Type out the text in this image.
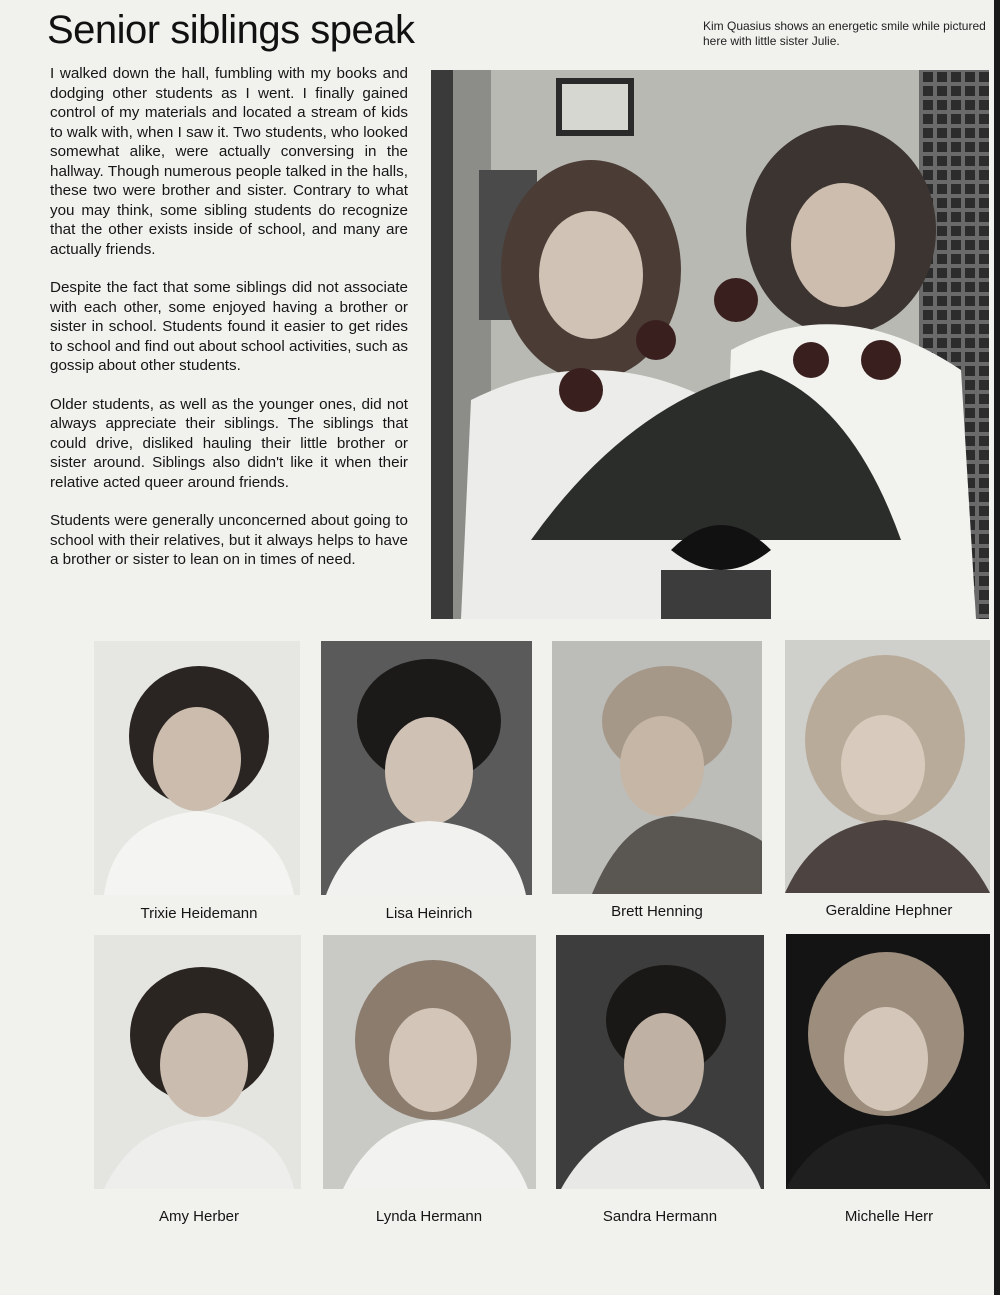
Senior siblings speak	Kim Quasius shows an energetic smile while pictured here with little sister Julie.

I walked down the hall, fumbling with my books and dodging other students as I went. I finally gained control of my materials and located a stream of kids to walk with, when I saw it. Two students, who looked somewhat alike, were actually conversing in the hallway. Though numerous people talked in the halls, these two were brother and sister. Contrary to what you may think, some sibling students do recognize that the other exists inside of school, and many are actually friends.

Despite the fact that some siblings did not associate with each other, some enjoyed having a brother or sister in school. Students found it easier to get rides to school and find out about school activities, such as gossip about other students.

Older students, as well as the younger ones, did not always appreciate their siblings. The siblings that could drive, disliked hauling their little brother or sister around. Siblings also didn't like it when their relative acted queer around friends.

Students were generally unconcerned about going to school with their relatives, but it always helps to have a brother or sister to lean on in times of need.

Trixie Heidemann	Lisa Heinrich	Brett Henning	Geraldine Hephner
Amy Herber	Lynda Hermann	Sandra Hermann	Michelle Herr
